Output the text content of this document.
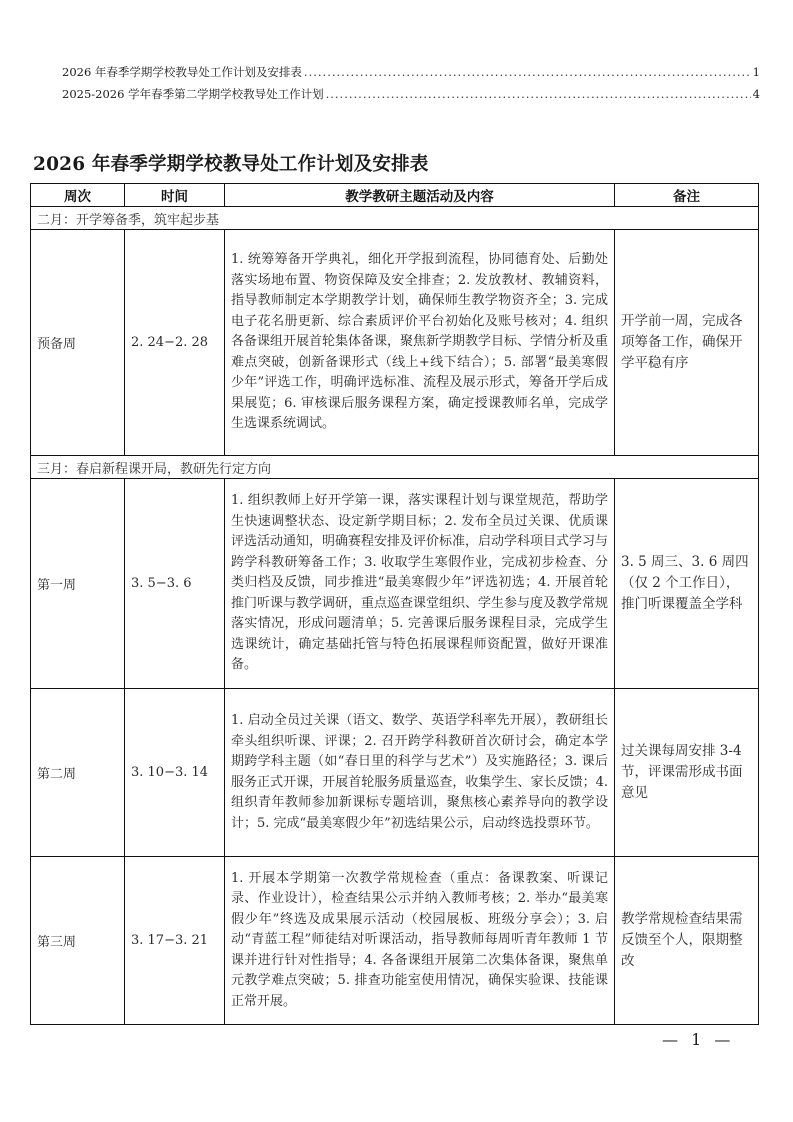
2026 年春季学期学校教导处工作计划及安排表 .....	1
2025-2026 学年春季第二学期学校教导处工作计划 .....	4
2026 年春季学期学校教导处工作计划及安排表
周次	时间	教学教研主题活动及内容	备注
二月：开学筹备季，筑牢起步基			
预备周	2. 24−2. 28	1. 统筹筹备开学典礼，细化开学报到流程，协同德育处、后勤处落实场地布置、物资保障及安全排查；2. 发放教材、教辅资料，指导教师制定本学期教学计划，确保师生教学物资齐全；3. 完成电子花名册更新、综合素质评价平台初始化及账号核对；4. 组织各备课组开展首轮集体备课，聚焦新学期教学目标、学情分析及重难点突破，创新备课形式（线上+线下结合）；5. 部署“最美寒假少年”评选工作，明确评选标准、流程及展示形式，筹备开学后成果展览；6. 审核课后服务课程方案，确定授课教师名单，完成学生选课系统调试。	开学前一周，完成各项筹备工作，确保开学平稳有序
三月：春启新程课开局，教研先行定方向			
第一周	3. 5−3. 6	1. 组织教师上好开学第一课，落实课程计划与课堂规范，帮助学生快速调整状态、设定新学期目标；2. 发布全员过关课、优质课评选活动通知，明确赛程安排及评价标准，启动学科项目式学习与跨学科教研筹备工作；3. 收取学生寒假作业，完成初步检查、分类归档及反馈，同步推进“最美寒假少年”评选初选；4. 开展首轮推门听课与教学调研，重点巡查课堂组织、学生参与度及教学常规落实情况，形成问题清单；5. 完善课后服务课程目录，完成学生选课统计，确定基础托管与特色拓展课程师资配置，做好开课准备。	3. 5 周三、3. 6 周四（仅 2 个工作日），推门听课覆盖全学科
第二周	3. 10−3. 14	1. 启动全员过关课（语文、数学、英语学科率先开展），教研组长牵头组织听课、评课；2. 召开跨学科教研首次研讨会，确定本学期跨学科主题（如“春日里的科学与艺术”）及实施路径；3. 课后服务正式开课，开展首轮服务质量巡查，收集学生、家长反馈；4. 组织青年教师参加新课标专题培训，聚焦核心素养导向的教学设计；5. 完成“最美寒假少年”初选结果公示，启动终选投票环节。	过关课每周安排 3-4 节，评课需形成书面意见
第三周	3. 17−3. 21	1. 开展本学期第一次教学常规检查（重点：备课教案、听课记录、作业设计），检查结果公示并纳入教师考核；2. 举办“最美寒假少年”终选及成果展示活动（校园展板、班级分享会）；3. 启动“青蓝工程”师徒结对听课活动，指导教师每周听青年教师 1 节课并进行针对性指导；4. 各备课组开展第二次集体备课，聚焦单元教学难点突破；5. 排查功能室使用情况，确保实验课、技能课正常开展。	教学常规检查结果需反馈至个人，限期整改
— 1 —
